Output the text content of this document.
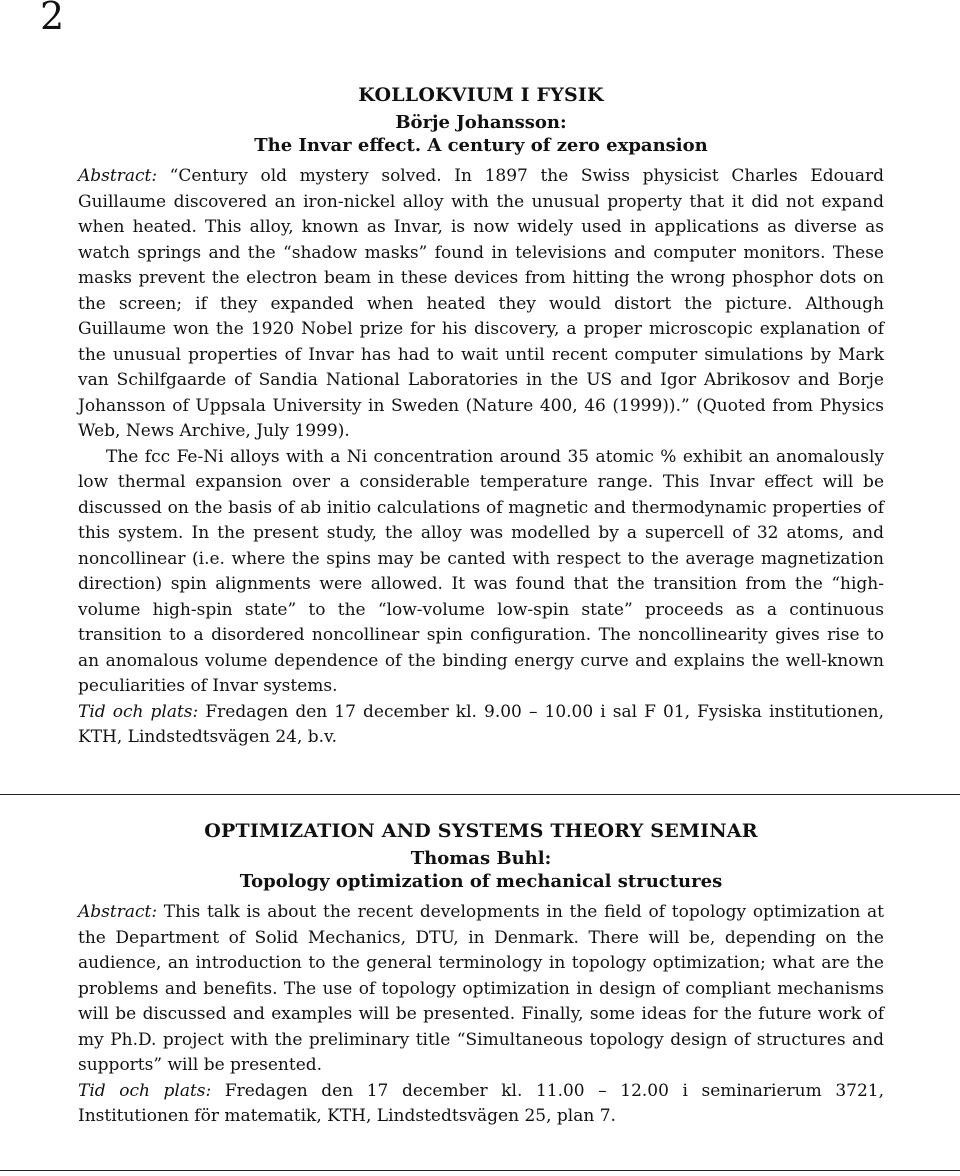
2
KOLLOKVIUM I FYSIK
Börje Johansson:
The Invar effect. A century of zero expansion

Abstract: “Century old mystery solved. In 1897 the Swiss physicist Charles Edouard Guillaume discovered an iron-nickel alloy with the unusual property that it did not expand when heated. This alloy, known as Invar, is now widely used in applications as diverse as watch springs and the “shadow masks” found in televisions and computer monitors. These masks prevent the electron beam in these devices from hitting the wrong phosphor dots on the screen; if they expanded when heated they would distort the picture. Although Guillaume won the 1920 Nobel prize for his discovery, a proper microscopic explanation of the unusual properties of Invar has had to wait until recent computer simulations by Mark van Schilfgaarde of Sandia National Laboratories in the US and Igor Abrikosov and Borje Johansson of Uppsala University in Sweden (Nature 400, 46 (1999)).” (Quoted from Physics Web, News Archive, July 1999).

The fcc Fe-Ni alloys with a Ni concentration around 35 atomic % exhibit an anomalously low thermal expansion over a considerable temperature range. This Invar effect will be discussed on the basis of ab initio calculations of magnetic and thermodynamic properties of this system. In the present study, the alloy was modelled by a supercell of 32 atoms, and noncollinear (i.e. where the spins may be canted with respect to the average magnetization direction) spin alignments were allowed. It was found that the transition from the “high-volume high-spin state” to the “low-volume low-spin state” proceeds as a continuous transition to a disordered noncollinear spin configuration. The noncollinearity gives rise to an anomalous volume dependence of the binding energy curve and explains the well-known peculiarities of Invar systems.

Tid och plats: Fredagen den 17 december kl. 9.00 – 10.00 i sal F 01, Fysiska institutionen, KTH, Lindstedtsvägen 24, b.v.

OPTIMIZATION AND SYSTEMS THEORY SEMINAR
Thomas Buhl:
Topology optimization of mechanical structures

Abstract: This talk is about the recent developments in the field of topology optimization at the Department of Solid Mechanics, DTU, in Denmark. There will be, depending on the audience, an introduction to the general terminology in topology optimization; what are the problems and benefits. The use of topology optimization in design of compliant mechanisms will be discussed and examples will be presented. Finally, some ideas for the future work of my Ph.D. project with the preliminary title “Simultaneous topology design of structures and supports” will be presented.

Tid och plats: Fredagen den 17 december kl. 11.00 – 12.00 i seminarierum 3721, Institutionen för matematik, KTH, Lindstedtsvägen 25, plan 7.
